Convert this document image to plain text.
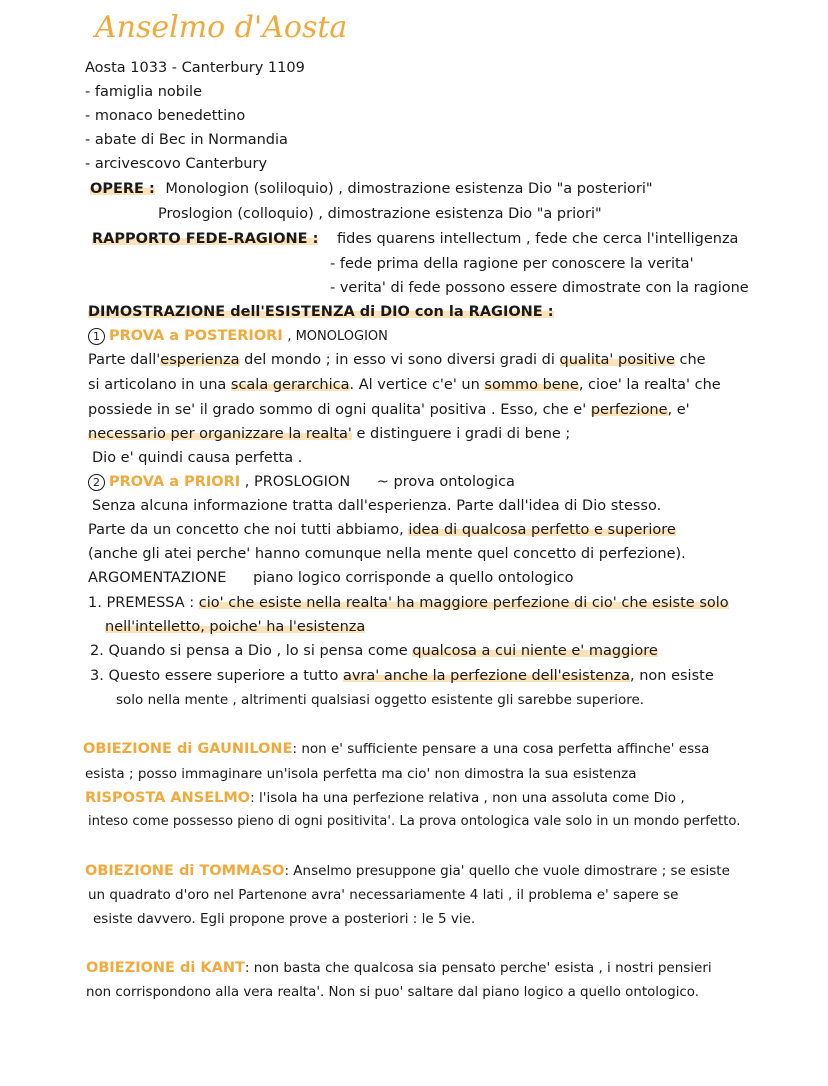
Anselmo d'Aosta
Aosta 1033 - Canterbury 1109
- famiglia nobile
- monaco benedettino
- abate di Bec in Normandia
- arcivescovo Canterbury
OPERE : Monologion (soliloquio) , dimostrazione esistenza Dio "a posteriori"
Proslogion (colloquio) , dimostrazione esistenza Dio "a priori"
RAPPORTO FEDE-RAGIONE : fides quarens intellectum , fede che cerca l'intelligenza
- fede prima della ragione per conoscere la verita'
- verita' di fede possono essere dimostrate con la ragione
DIMOSTRAZIONE dell'ESISTENZA di DIO con la RAGIONE :
1 PROVA a POSTERIORI , MONOLOGION
Parte dall'esperienza del mondo ; in esso vi sono diversi gradi di qualita' positive che
si articolano in una scala gerarchica. Al vertice c'e' un sommo bene, cioe' la realta' che
possiede in se' il grado sommo di ogni qualita' positiva . Esso, che e' perfezione, e'
necessario per organizzare la realta' e distinguere i gradi di bene ;
Dio e' quindi causa perfetta .
2 PROVA a PRIORI , PROSLOGION ~ prova ontologica
Senza alcuna informazione tratta dall'esperienza. Parte dall'idea di Dio stesso.
Parte da un concetto che noi tutti abbiamo, idea di qualcosa perfetto e superiore
(anche gli atei perche' hanno comunque nella mente quel concetto di perfezione).
ARGOMENTAZIONE piano logico corrisponde a quello ontologico
1. PREMESSA : cio' che esiste nella realta' ha maggiore perfezione di cio' che esiste solo
nell'intelletto, poiche' ha l'esistenza
2. Quando si pensa a Dio , lo si pensa come qualcosa a cui niente e' maggiore
3. Questo essere superiore a tutto avra' anche la perfezione dell'esistenza, non esiste
solo nella mente , altrimenti qualsiasi oggetto esistente gli sarebbe superiore.
OBIEZIONE di GAUNILONE: non e' sufficiente pensare a una cosa perfetta affinche' essa
esista ; posso immaginare un'isola perfetta ma cio' non dimostra la sua esistenza
RISPOSTA ANSELMO: l'isola ha una perfezione relativa , non una assoluta come Dio ,
inteso come possesso pieno di ogni positivita'. La prova ontologica vale solo in un mondo perfetto.
OBIEZIONE di TOMMASO: Anselmo presuppone gia' quello che vuole dimostrare ; se esiste
un quadrato d'oro nel Partenone avra' necessariamente 4 lati , il problema e' sapere se
esiste davvero. Egli propone prove a posteriori : le 5 vie.
OBIEZIONE di KANT: non basta che qualcosa sia pensato perche' esista , i nostri pensieri
non corrispondono alla vera realta'. Non si puo' saltare dal piano logico a quello ontologico.
